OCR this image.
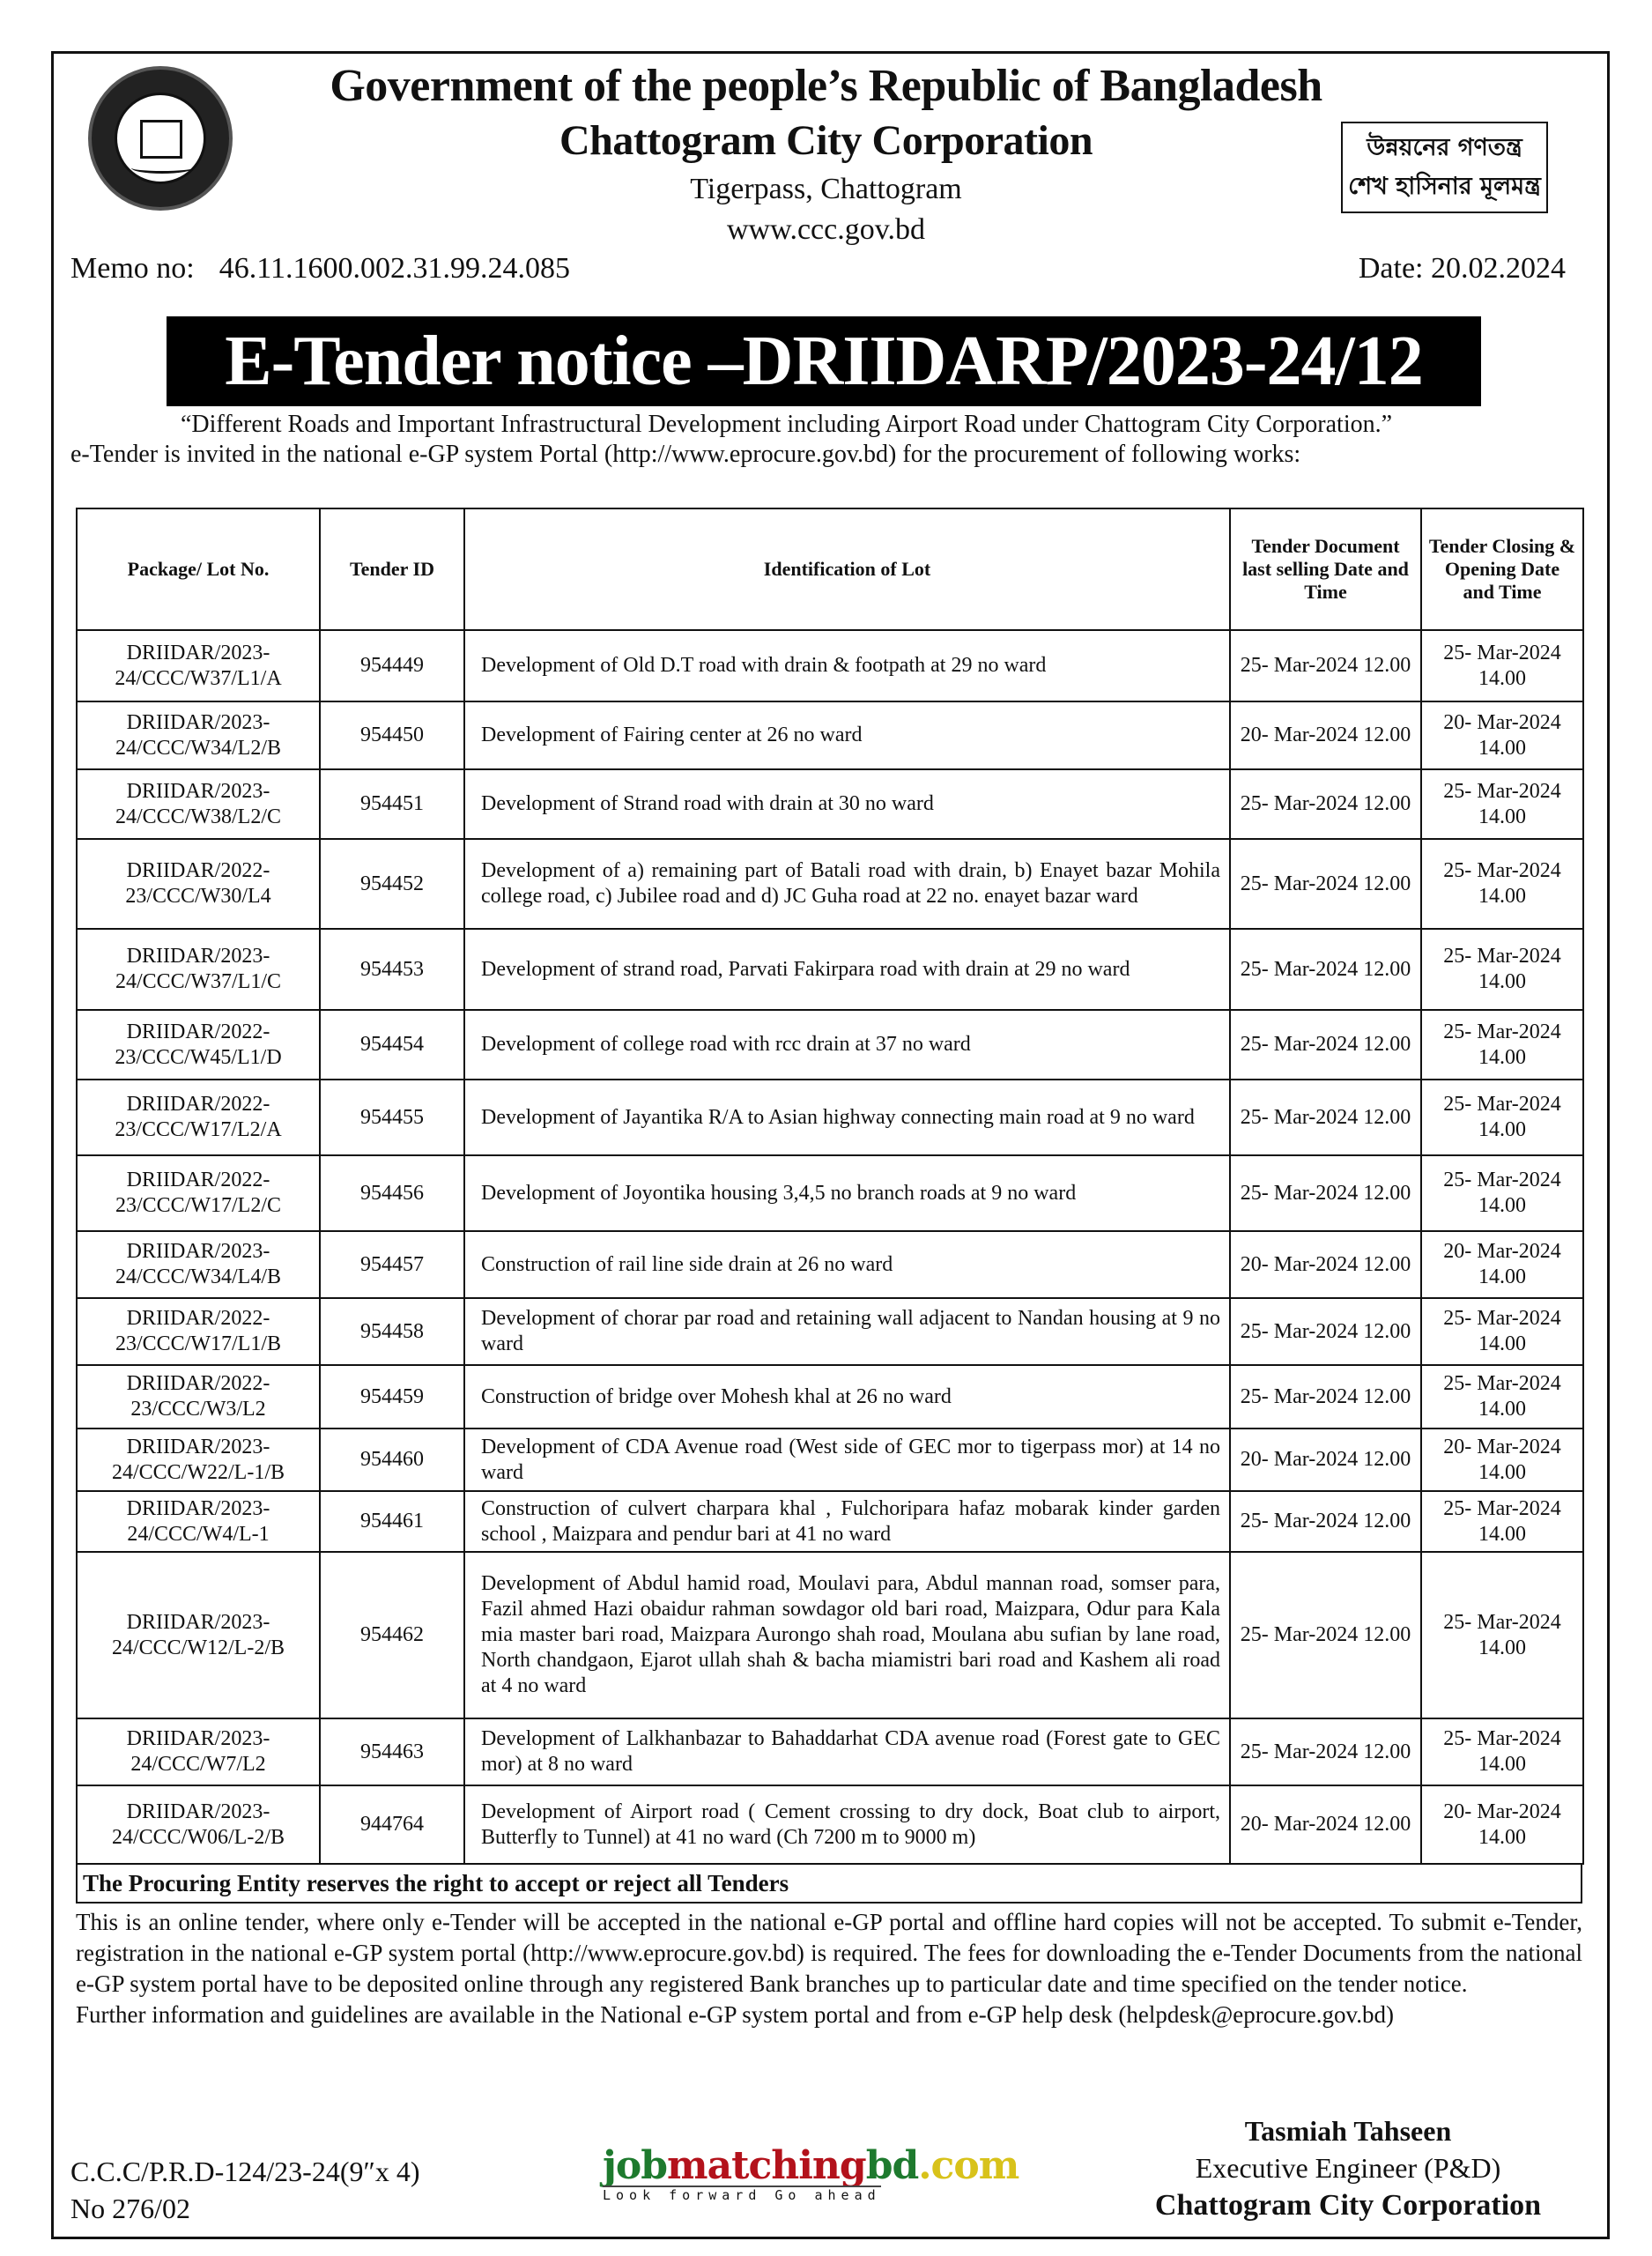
Government of the people’s Republic of Bangladesh
Chattogram City Corporation
Tigerpass, Chattogram
www.ccc.gov.bd
উন্নয়নের গণতন্ত্র
শেখ হাসিনার মূলমন্ত্র
Memo no: 46.11.1600.002.31.99.24.085	Date: 20.02.2024
E-Tender notice –DRIIDARP/2023-24/12
“Different Roads and Important Infrastructural Development including Airport Road under Chattogram City Corporation.”
e-Tender is invited in the national e-GP system Portal (http://www.eprocure.gov.bd) for the procurement of following works:
Package/ Lot No.	Tender ID	Identification of Lot	Tender Document last selling Date and Time	Tender Closing & Opening Date and Time
DRIIDAR/2023-24/CCC/W37/L1/A	954449	Development of Old D.T road with drain & footpath at 29 no ward	25- Mar-2024 12.00	25- Mar-2024 14.00
DRIIDAR/2023-24/CCC/W34/L2/B	954450	Development of Fairing center at 26 no ward	20- Mar-2024 12.00	20- Mar-2024 14.00
DRIIDAR/2023-24/CCC/W38/L2/C	954451	Development of Strand road with drain at 30 no ward	25- Mar-2024 12.00	25- Mar-2024 14.00
DRIIDAR/2022-23/CCC/W30/L4	954452	Development of a) remaining part of Batali road with drain, b) Enayet bazar Mohila college road, c) Jubilee road and d) JC Guha road at 22 no. enayet bazar ward	25- Mar-2024 12.00	25- Mar-2024 14.00
DRIIDAR/2023-24/CCC/W37/L1/C	954453	Development of strand road, Parvati Fakirpara road with drain at 29 no ward	25- Mar-2024 12.00	25- Mar-2024 14.00
DRIIDAR/2022-23/CCC/W45/L1/D	954454	Development of college road with rcc drain at 37 no ward	25- Mar-2024 12.00	25- Mar-2024 14.00
DRIIDAR/2022-23/CCC/W17/L2/A	954455	Development of Jayantika R/A to Asian highway connecting main road at 9 no ward	25- Mar-2024 12.00	25- Mar-2024 14.00
DRIIDAR/2022-23/CCC/W17/L2/C	954456	Development of Joyontika housing 3,4,5 no branch roads at 9 no ward	25- Mar-2024 12.00	25- Mar-2024 14.00
DRIIDAR/2023-24/CCC/W34/L4/B	954457	Construction of rail line side drain at 26 no ward	20- Mar-2024 12.00	20- Mar-2024 14.00
DRIIDAR/2022-23/CCC/W17/L1/B	954458	Development of chorar par road and retaining wall adjacent to Nandan housing at 9 no ward	25- Mar-2024 12.00	25- Mar-2024 14.00
DRIIDAR/2022-23/CCC/W3/L2	954459	Construction of bridge over Mohesh khal at 26 no ward	25- Mar-2024 12.00	25- Mar-2024 14.00
DRIIDAR/2023-24/CCC/W22/L-1/B	954460	Development of CDA Avenue road (West side of GEC mor to tigerpass mor) at 14 no ward	20- Mar-2024 12.00	20- Mar-2024 14.00
DRIIDAR/2023-24/CCC/W4/L-1	954461	Construction of culvert charpara khal , Fulchoripara hafaz mobarak kinder garden school , Maizpara and pendur bari at 41 no ward	25- Mar-2024 12.00	25- Mar-2024 14.00
DRIIDAR/2023-24/CCC/W12/L-2/B	954462	Development of Abdul hamid road, Moulavi para, Abdul mannan road, somser para, Fazil ahmed Hazi obaidur rahman sowdagor old bari road, Maizpara, Odur para Kala mia master bari road, Maizpara Aurongo shah road, Moulana abu sufian by lane road, North chandgaon, Ejarot ullah shah & bacha miamistri bari road and Kashem ali road at 4 no ward	25- Mar-2024 12.00	25- Mar-2024 14.00
DRIIDAR/2023-24/CCC/W7/L2	954463	Development of Lalkhanbazar to Bahaddarhat CDA avenue road (Forest gate to GEC mor) at 8 no ward	25- Mar-2024 12.00	25- Mar-2024 14.00
DRIIDAR/2023-24/CCC/W06/L-2/B	944764	Development of Airport road ( Cement crossing to dry dock, Boat club to airport, Butterfly to Tunnel) at 41 no ward (Ch 7200 m to 9000 m)	20- Mar-2024 12.00	20- Mar-2024 14.00
The Procuring Entity reserves the right to accept or reject all Tenders

This is an online tender, where only e-Tender will be accepted in the national e-GP portal and offline hard copies will not be accepted. To submit e-Tender, registration in the national e-GP system portal (http://www.eprocure.gov.bd) is required. The fees for downloading the e-Tender Documents from the national e-GP system portal have to be deposited online through any registered Bank branches up to particular date and time specified on the tender notice.

Further information and guidelines are available in the National e-GP system portal and from e-GP help desk (helpdesk@eprocure.gov.bd)

Tasmiah Tahseen
Executive Engineer (P&D)
Chattogram City Corporation
C.C.C/P.R.D-124/23-24(9″x 4)
No 276/02
jobmatchingbd.com
Look forward Go ahead
